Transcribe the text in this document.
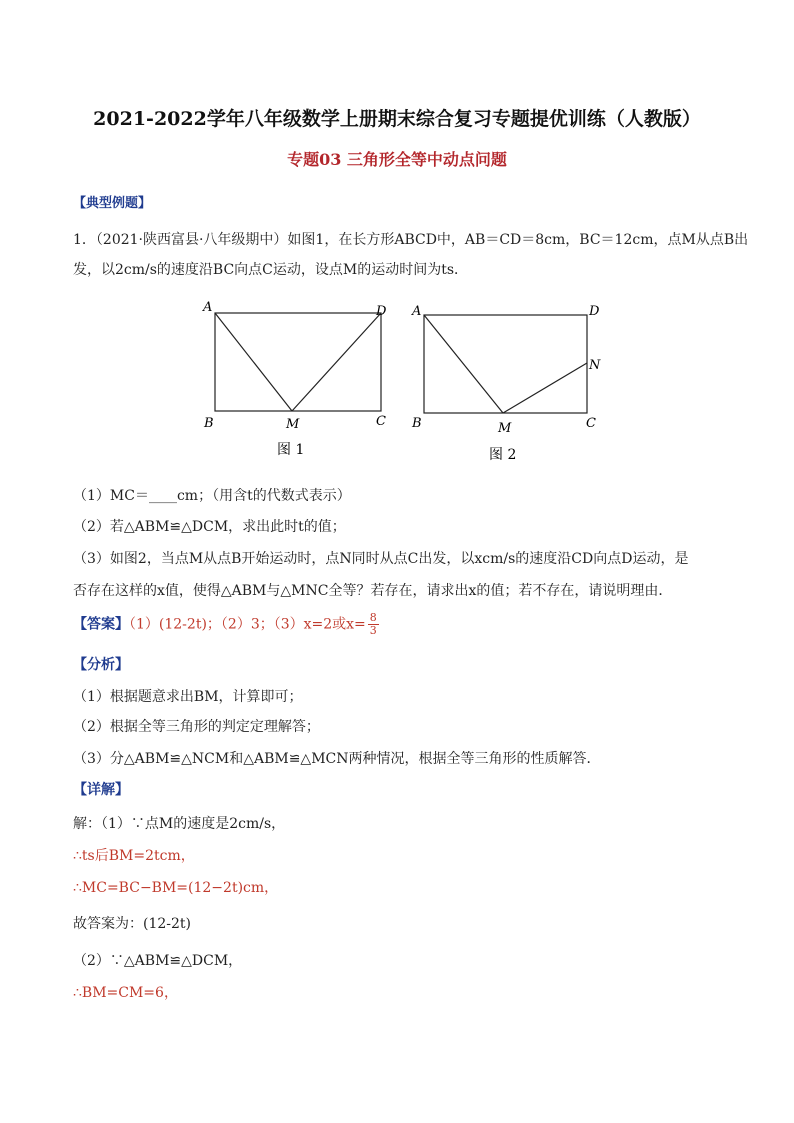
2021-2022学年八年级数学上册期末综合复习专题提优训练（人教版）
专题03 三角形全等中动点问题
【典型例题】
1．（2021·陕西富县·八年级期中）如图1，在长方形ABCD中，AB＝CD＝8cm，BC＝12cm，点M从点B出
发，以2cm/s的速度沿BC向点C运动，设点M的运动时间为ts．
A	D
B	C
M
图 1
A	D
N
B	C
M
图 2
（1）MC＝____cm；（用含t的代数式表示）
（2）若△ABM≌△DCM，求出此时t的值；
（3）如图2，当点M从点B开始运动时，点N同时从点C出发，以xcm/s的速度沿CD向点D运动，是
否存在这样的x值，使得△ABM与△MNC全等？若存在，请求出x的值；若不存在，请说明理由．
【答案】（1）(12-2t)；（2）3；（3）x=2或$x= \frac{8}{3}$
【分析】
（1）根据题意求出BM，计算即可；
（2）根据全等三角形的判定定理解答；
（3）分△ABM≌△NCM和△ABM≌△MCN两种情况，根据全等三角形的性质解答．
【详解】
解：（1）∵点M的速度是2cm/s，
∴ts后BM=2tcm，
∴MC=BC−BM=(12−2t)cm，
故答案为：(12-2t)
（2）∵△ABM≌△DCM，
∴BM=CM=6，
